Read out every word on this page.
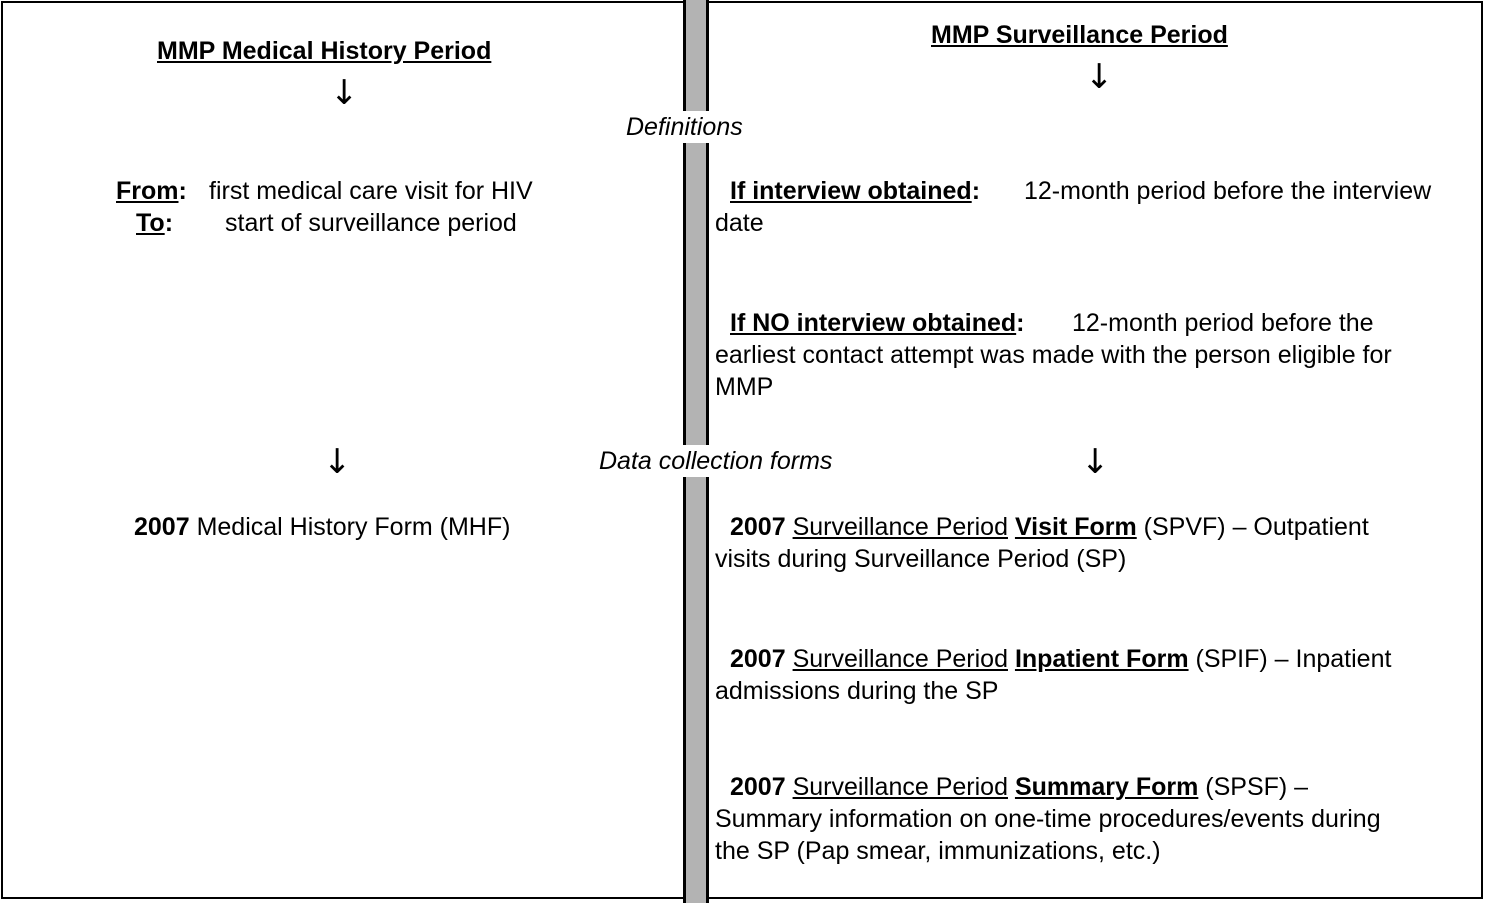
MMP Medical History Period
↓
From: first medical care visit for HIV
To: start of surveillance period
↓
2007 Medical History Form (MHF)
Definitions
Data collection forms
MMP Surveillance Period
↓
If interview obtained: 12-month period before the interview
date
If NO interview obtained: 12-month period before the
earliest contact attempt was made with the person eligible for
MMP
↓
2007 Surveillance Period Visit Form (SPVF) – Outpatient
visits during Surveillance Period (SP)
2007 Surveillance Period Inpatient Form (SPIF) – Inpatient
admissions during the SP
2007 Surveillance Period Summary Form (SPSF) –
Summary information on one-time procedures/events during
the SP (Pap smear, immunizations, etc.)
